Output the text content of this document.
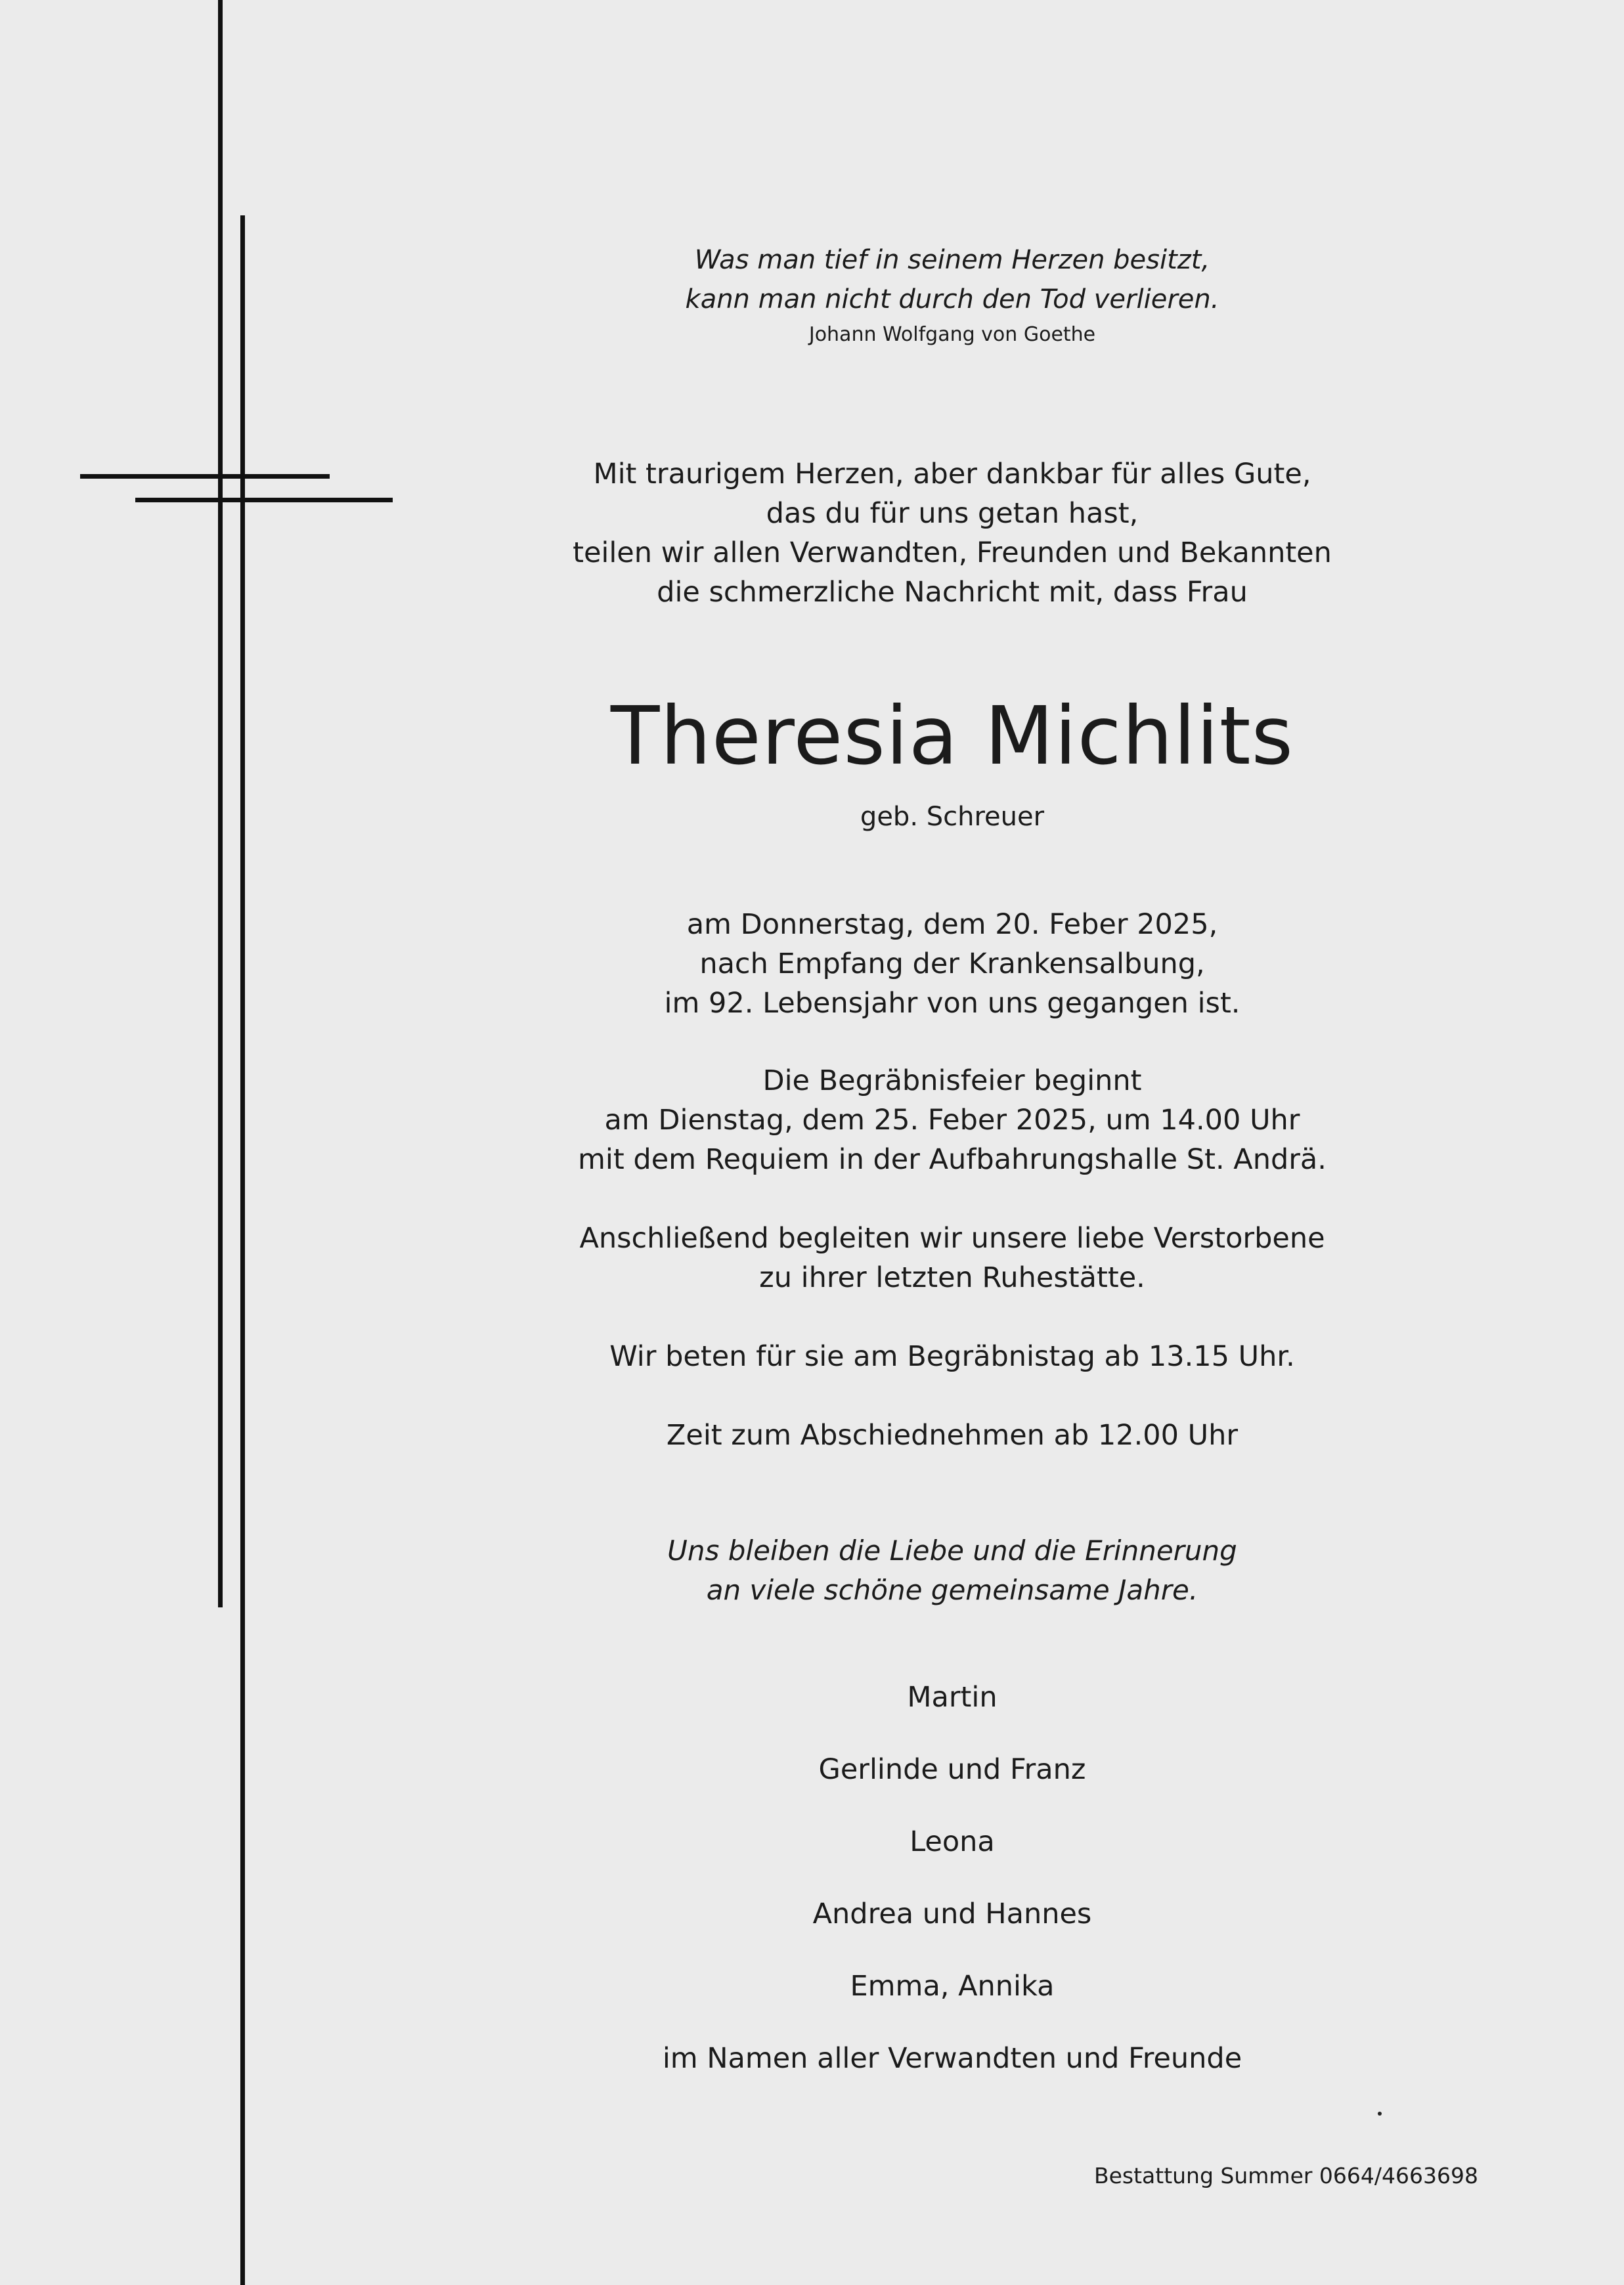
Was man tief in seinem Herzen besitzt,
kann man nicht durch den Tod verlieren.
Johann Wolfgang von Goethe
Mit traurigem Herzen, aber dankbar für alles Gute,
das du für uns getan hast,
teilen wir allen Verwandten, Freunden und Bekannten
die schmerzliche Nachricht mit, dass Frau
Theresia Michlits
geb. Schreuer
am Donnerstag, dem 20. Feber 2025,
nach Empfang der Krankensalbung,
im 92. Lebensjahr von uns gegangen ist.
Die Begräbnisfeier beginnt
am Dienstag, dem 25. Feber 2025, um 14.00 Uhr
mit dem Requiem in der Aufbahrungshalle St. Andrä.
Anschließend begleiten wir unsere liebe Verstorbene
zu ihrer letzten Ruhestätte.
Wir beten für sie am Begräbnistag ab 13.15 Uhr.
Zeit zum Abschiednehmen ab 12.00 Uhr
Uns bleiben die Liebe und die Erinnerung
an viele schöne gemeinsame Jahre.
Martin
Gerlinde und Franz
Leona
Andrea und Hannes
Emma, Annika
im Namen aller Verwandten und Freunde
Bestattung Summer 0664/4663698
